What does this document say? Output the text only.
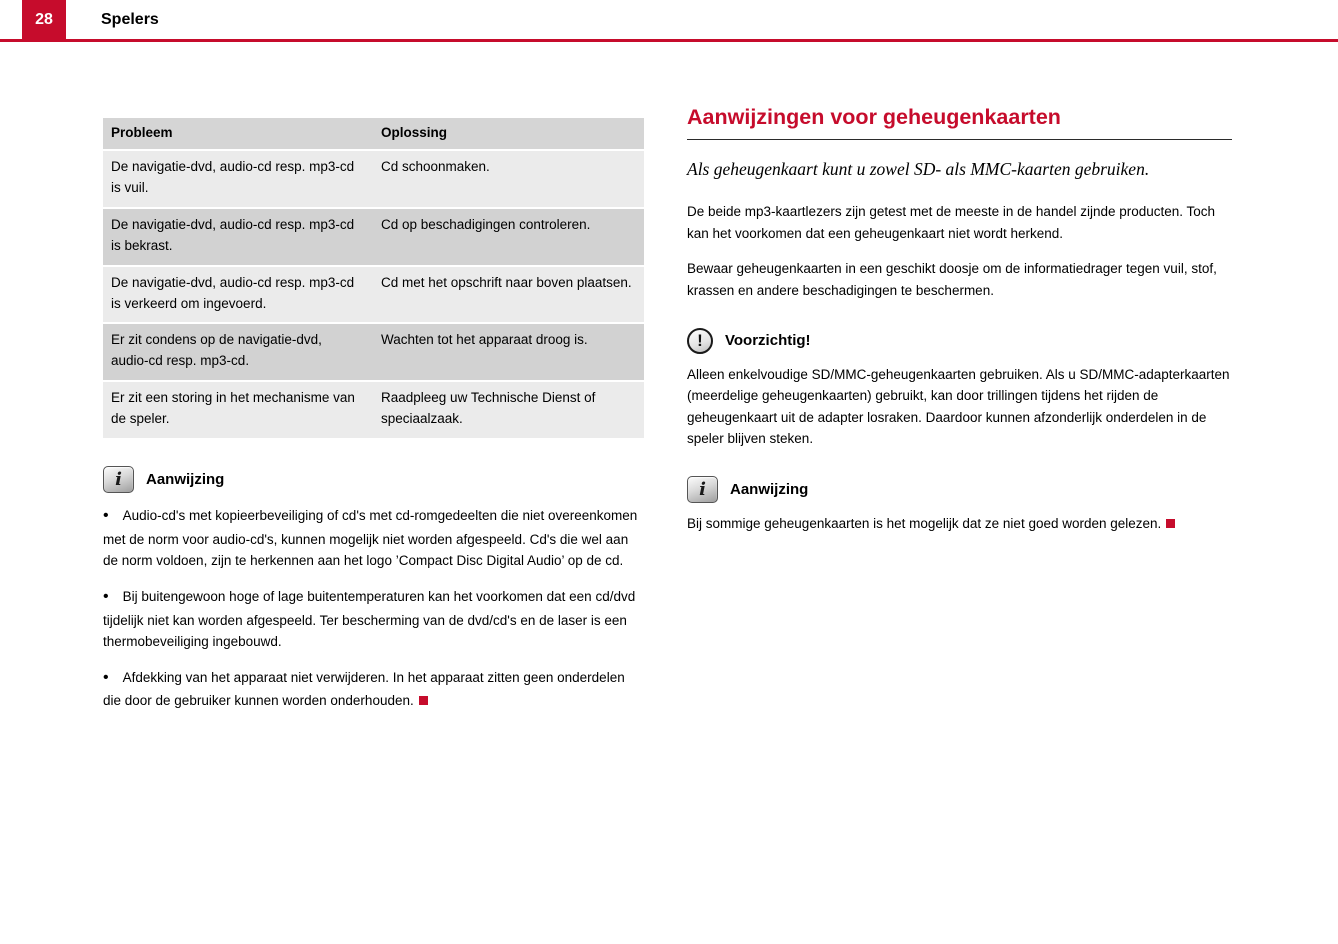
28	Spelers
Probleem	Oplossing
De navigatie-dvd, audio-cd resp. mp3-cd is vuil.	Cd schoonmaken.
De navigatie-dvd, audio-cd resp. mp3-cd is bekrast.	Cd op beschadigingen controleren.
De navigatie-dvd, audio-cd resp. mp3-cd is verkeerd om ingevoerd.	Cd met het opschrift naar boven plaatsen.
Er zit condens op de navigatie-dvd, audio-cd resp. mp3-cd.	Wachten tot het apparaat droog is.
Er zit een storing in het mechanisme van de speler.	Raadpleeg uw Technische Dienst of speciaalzaak.
i Aanwijzing

• Audio-cd's met kopieerbeveiliging of cd's met cd-romgedeelten die niet overeenkomen met de norm voor audio-cd's, kunnen mogelijk niet worden afgespeeld. Cd's die wel aan de norm voldoen, zijn te herkennen aan het logo ’Compact Disc Digital Audio’ op de cd.

• Bij buitengewoon hoge of lage buitentemperaturen kan het voorkomen dat een cd/dvd tijdelijk niet kan worden afgespeeld. Ter bescherming van de dvd/cd's en de laser is een thermobeveiliging ingebouwd.

• Afdekking van het apparaat niet verwijderen. In het apparaat zitten geen onderdelen die door de gebruiker kunnen worden onderhouden.

Aanwijzingen voor geheugenkaarten
Als geheugenkaart kunt u zowel SD- als MMC-kaarten gebruiken.

De beide mp3-kaartlezers zijn getest met de meeste in de handel zijnde producten. Toch kan het voorkomen dat een geheugenkaart niet wordt herkend.

Bewaar geheugenkaarten in een geschikt doosje om de informatiedrager tegen vuil, stof, krassen en andere beschadigingen te beschermen.

! Voorzichtig!

Alleen enkelvoudige SD/MMC-geheugenkaarten gebruiken. Als u SD/MMC-adapterkaarten (meerdelige geheugenkaarten) gebruikt, kan door trillingen tijdens het rijden de geheugenkaart uit de adapter losraken. Daardoor kunnen afzonderlijk onderdelen in de speler blijven steken.

i Aanwijzing

Bij sommige geheugenkaarten is het mogelijk dat ze niet goed worden gelezen.
